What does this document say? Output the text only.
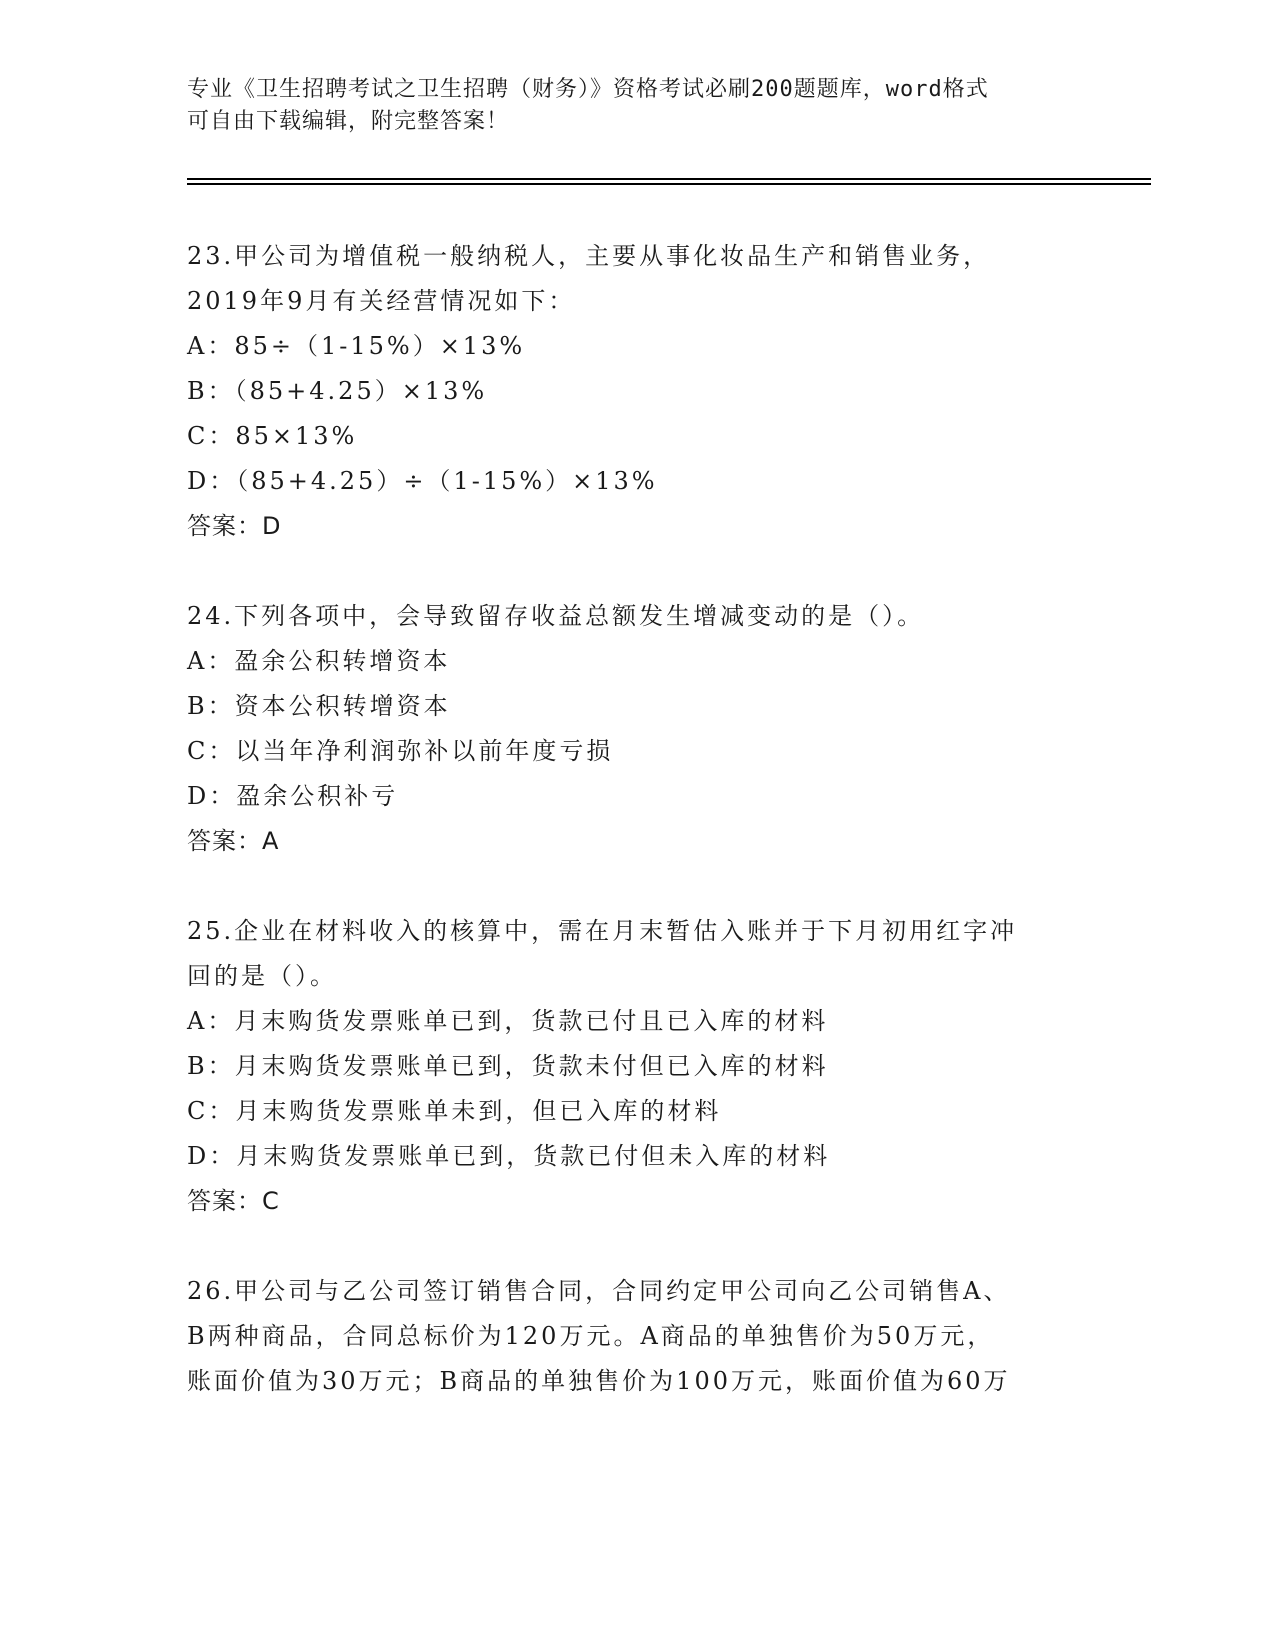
专业《卫生招聘考试之卫生招聘（财务）》资格考试必刷200题题库，word格式
可自由下载编辑，附完整答案！
23.甲公司为增值税一般纳税人，主要从事化妆品生产和销售业务，
2019年9月有关经营情况如下：
A：85÷（1-15%）×13%
B：（85+4.25）×13%
C：85×13%
D：（85+4.25）÷（1-15%）×13%
答案：D
24.下列各项中，会导致留存收益总额发生增减变动的是（）。
A：盈余公积转增资本
B：资本公积转增资本
C：以当年净利润弥补以前年度亏损
D：盈余公积补亏
答案：A
25.企业在材料收入的核算中，需在月末暂估入账并于下月初用红字冲
回的是（）。
A：月末购货发票账单已到，货款已付且已入库的材料
B：月末购货发票账单已到，货款未付但已入库的材料
C：月末购货发票账单未到，但已入库的材料
D：月末购货发票账单已到，货款已付但未入库的材料
答案：C
26.甲公司与乙公司签订销售合同，合同约定甲公司向乙公司销售A、
B两种商品，合同总标价为120万元。A商品的单独售价为50万元，
账面价值为30万元；B商品的单独售价为100万元，账面价值为60万
